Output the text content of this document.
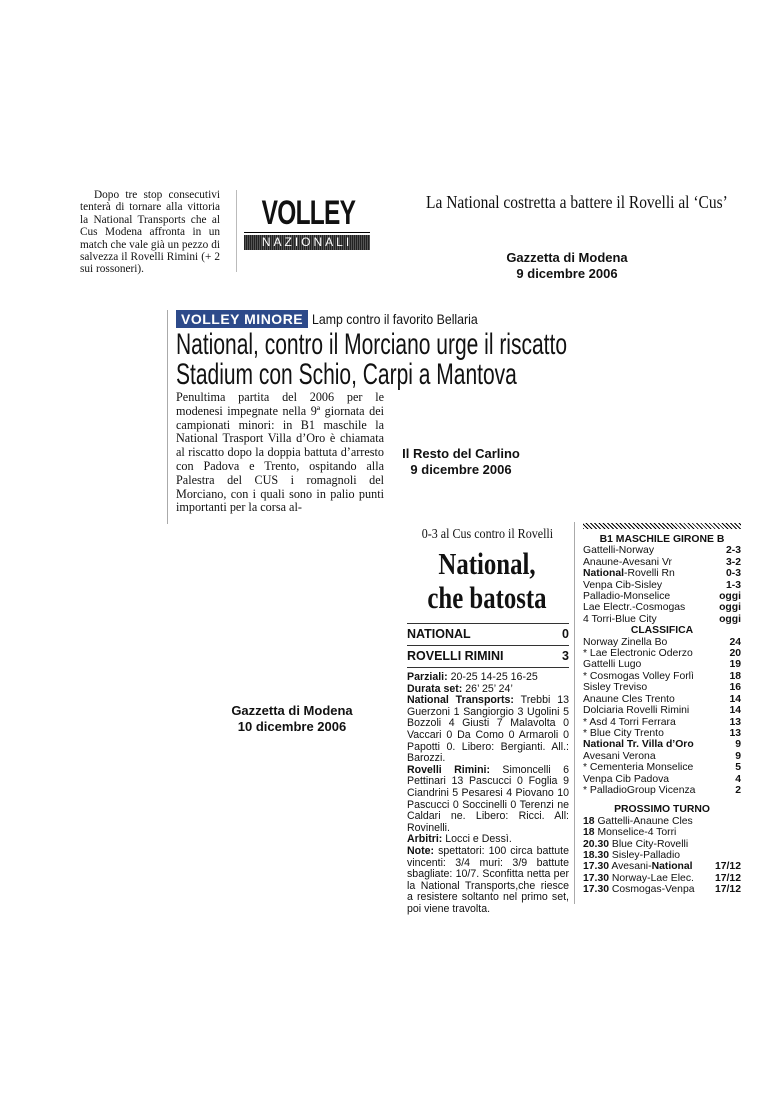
Dopo tre stop consecutivi tenterà di tornare alla vittoria la National Transports che al Cus Modena affronta in un match che vale già un pezzo di salvezza il Rovelli Rimini (+ 2 sui rossoneri).
VOLLEY
NAZIONALI
La National costretta a battere il Rovelli al ‘Cus’
Gazzetta di Modena
9 dicembre 2006
VOLLEY MINORE Lamp contro il favorito Bellaria
National, contro il Morciano urge il riscatto
Stadium con Schio, Carpi a Mantova
Penultima partita del 2006 per le modenesi impegnate nella 9ª giornata dei campionati minori: in B1 maschile la National Trasport Villa d’Oro è chiamata al riscatto dopo la doppia battuta d’arresto con Padova e Trento, ospitando alla Palestra del CUS i romagnoli del Morciano, con i quali sono in palio punti importanti per la corsa al-
Il Resto del Carlino
9 dicembre 2006
Gazzetta di Modena
10 dicembre 2006
0-3 al Cus contro il Rovelli
National,
che batosta
NATIONAL	0
ROVELLI RIMINI	3
Parziali: 20-25 14-25 16-25
Durata set: 26’ 25’ 24’
National Transports: Trebbi 13 Guerzoni 1 Sangiorgio 3 Ugolini 5 Bozzoli 4 Giusti 7 Malavolta 0 Vaccari 0 Da Como 0 Armaroli 0 Papotti 0. Libero: Bergianti. All.: Barozzi.
Rovelli Rimini: Simoncelli 6 Pettinari 13 Pascucci 0 Foglia 9 Ciandrini 5 Pesaresi 4 Piovano 10 Pascucci 0 Soccinelli 0 Terenzi ne Caldari ne. Libero: Ricci. All: Rovinelli.
Arbitri: Locci e Dessì.
Note: spettatori: 100 circa battute vincenti: 3/4 muri: 3/9 battute sbagliate: 10/7. Sconfitta netta per la National Transports,che riesce a resistere soltanto nel primo set, poi viene travolta.
B1 MASCHILE GIRONE B
Gattelli-Norway	2-3
Anaune-Avesani Vr	3-2
National-Rovelli Rn	0-3
Venpa Cib-Sisley	1-3
Palladio-Monselice	oggi
Lae Electr.-Cosmogas	oggi
4 Torri-Blue City	oggi
CLASSIFICA
Norway Zinella Bo	24
* Lae Electronic Oderzo	20
Gattelli Lugo	19
* Cosmogas Volley Forlì	18
Sisley Treviso	16
Anaune Cles Trento	14
Dolciaria Rovelli Rimini	14
* Asd 4 Torri Ferrara	13
* Blue City Trento	13
National Tr. Villa d’Oro	9
Avesani Verona	9
* Cementeria Monselice	5
Venpa Cib Padova	4
* PalladioGroup Vicenza	2
PROSSIMO TURNO
18 Gattelli-Anaune Cles
18 Monselice-4 Torri
20.30 Blue City-Rovelli
18.30 Sisley-Palladio
17.30 Avesani-National 17/12
17.30 Norway-Lae Elec. 17/12
17.30 Cosmogas-Venpa 17/12
